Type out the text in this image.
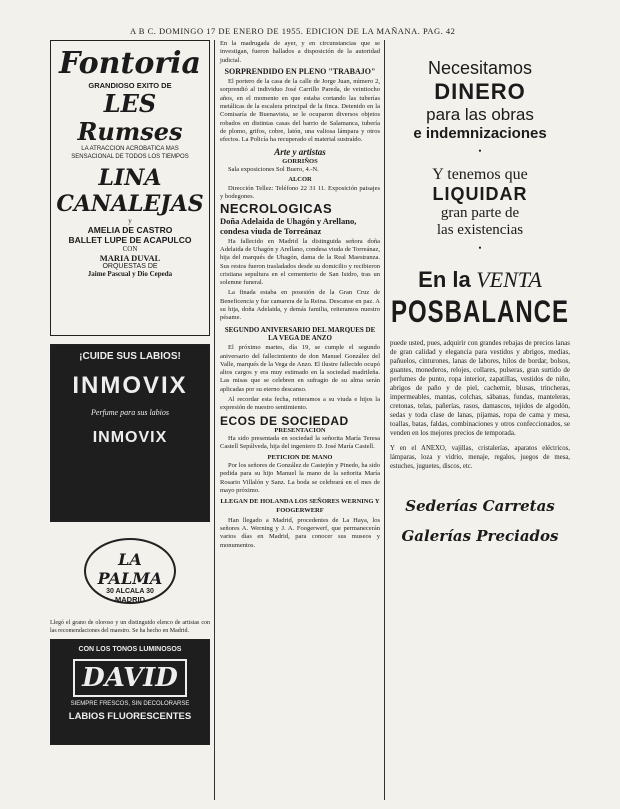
A B C. DOMINGO 17 DE ENERO DE 1955. EDICION DE LA MAÑANA. PAG. 42
Fontoria
GRANDIOSO EXITO DE
LES Rumses
LA ATRACCION ACROBATICA MAS SENSACIONAL DE TODOS LOS TIEMPOS
LINA CANALEJAS
y
AMELIA DE CASTRO
BALLET LUPE DE ACAPULCO
CON
MARIA DUVAL
ORQUESTAS DE
Jaime Pascual y Dio Cepeda
¡CUIDE SUS LABIOS!
INMOVIX
Perfume para sus labios
INMOVIX
LA PALMA
30 ALCALA 30
MADRID
Llegó el grano de oloroso y un distinguido elenco de artistas con las recomendaciones del maestro. Se ha hecho en Madrid.
CON LOS TONOS LUMINOSOS
DAVID
SIEMPRE FRESCOS, SIN DECOLORARSE
LABIOS FLUORESCENTES

En la madrugada de ayer, y en circunstancias que se investigan, fueron hallados a disposición de la autoridad judicial.

SORPRENDIDO EN PLENO "TRABAJO"

El portero de la casa de la calle de Jorge Juan, número 2, sorprendió al individuo José Carrillo Pareda, de veintiocho años, en el momento en que estaba cortando las tuberías metálicas de la escalera principal de la finca. Detenido en la Comisaría de Buenavista, se le ocuparon diversos objetos robados en distintas casas del barrio de Salamanca, tubería de plomo, grifos, cobre, latón, una valiosa lámpara y otros efectos. La Policía ha recuperado el material sustraído.

Arte y artistas
GORRIÑOS

Sala exposiciones Sol Buero, 4.-N.

ALCOR

Dirección Tellez: Teléfono 22 31 11. Exposición paisajes y bodegones.

NECROLOGICAS
Doña Adelaida de Uhagón y Arellano, condesa viuda de Torreánaz

Ha fallecido en Madrid la distinguida señora doña Adelaida de Uhagón y Arellano, condesa viuda de Torreánaz, hija del marqués de Uhagón, dama de la Real Maestranza. Sus restos fueron trasladados desde su domicilio y recibieron cristiana sepultura en el cementerio de San Isidro, tras un solemne funeral.

La finada estaba en posesión de la Gran Cruz de Beneficencia y fue camarera de la Reina. Descanse en paz. A su hija, doña Adelaida, y demás familia, reiteramos nuestro pésame.

SEGUNDO ANIVERSARIO DEL MARQUES DE LA VEGA DE ANZO

El próximo martes, día 19, se cumple el segundo aniversario del fallecimiento de don Manuel González del Valle, marqués de la Vega de Anzo. El ilustre fallecido ocupó altos cargos y era muy estimado en la sociedad madrileña. Las misas que se celebren en sufragio de su alma serán aplicadas por su eterno descanso.

Al recordar esta fecha, reiteramos a su viuda e hijos la expresión de nuestro sentimiento.

ECOS DE SOCIEDAD
PRESENTACION

Ha sido presentada en sociedad la señorita María Teresa Castell Sepúlveda, hija del ingeniero D. José María Castell.

PETICION DE MANO

Por los señores de González de Castejón y Pinedo, ha sido pedida para su hijo Manuel la mano de la señorita María Rosario Villalón y Sanz. La boda se celebrará en el mes de mayo próximo.

LLEGAN DE HOLANDA LOS SEÑORES WERNING Y FOOGERWERF

Han llegado a Madrid, procedentes de La Haya, los señores A. Werning y J. A. Foogerwerf, que permanecerán varios días en Madrid, para conocer sus museos y monumentos.

Necesitamos
DINERO
para las obras
e indemnizaciones
•
Y tenemos que
LIQUIDAR
gran parte de
las existencias
•
En la VENTA
POSBALANCE

puede usted, pues, adquirir con grandes rebajas de precios lanas de gran calidad y elegancia para vestidos y abrigos, medias, pañuelos, cinturones, lanas de labores, hilos de bordar, bolsos, guantes, monederos, relojes, collares, pulseras, gran surtido de perfumes de punto, ropa interior, zapatillas, vestidos de niño, abrigos de paño y de piel, cachemir, blusas, trincheras, impermeables, mantas, colchas, sábanas, fundas, manteleras, cretonas, telas, pañerías, rasos, damascos, tejidos de algodón, sedas y toda clase de lanas, pijamas, ropa de cama y mesa, toallas, batas, faldas, combinaciones y otros confeccionados, se venden en los mejores precios de temporada.

Y en el ANEXO, vajillas, cristalerías, aparatos eléctricos, lámparas, loza y vidrio, menaje, regalos, juegos de mesa, estuches, juguetes, discos, etc.

Sederías Carretas
Galerías Preciados
